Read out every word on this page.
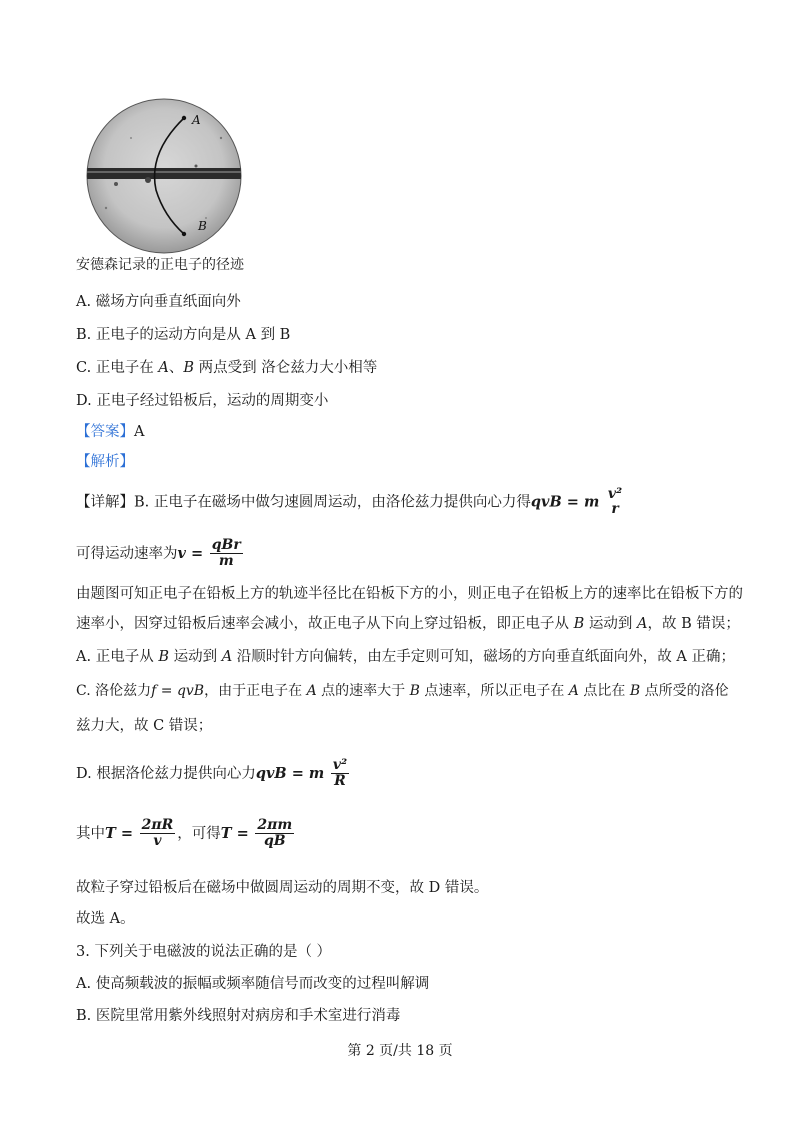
A
B
安德森记录的正电子的径迹
A. 磁场方向垂直纸面向外
B. 正电子的运动方向是从 A 到 B
C. 正电子在 A、B 两点受到 洛仑兹力大小相等
D. 正电子经过铅板后，运动的周期变小
【答案】A
【解析】
【详解】B. 正电子在磁场中做匀速圆周运动，由洛伦兹力提供向心力得qvB = m v²
r
可得运动速率为$v = \frac{\text{qBr}}{m}$
由题图可知正电子在铅板上方的轨迹半径比在铅板下方的小，则正电子在铅板上方的速率比在铅板下方的
速率小，因穿过铅板后速率会减小，故正电子从下向上穿过铅板，即正电子从 B 运动到 A，故 B 错误；
A. 正电子从 B 运动到 A 沿顺时针方向偏转，由左手定则可知，磁场的方向垂直纸面向外，故 A 正确；
C. 洛伦兹力f = qvB，由于正电子在 A 点的速率大于 B 点速率，所以正电子在 A 点比在 B 点所受的洛伦
兹力大，故 C 错误；
D. 根据洛伦兹力提供向心力qvB = m $\frac{\text{v²}}{R}$
其中$T = \frac{2\pi R}{v}$ ，可得$T = \frac{2\pi m}{qB}$
故粒子穿过铅板后在磁场中做圆周运动的周期不变，故 D 错误。
故选 A。
3. 下列关于电磁波的说法正确的是（ ）
A. 使高频载波的振幅或频率随信号而改变的过程叫解调
B. 医院里常用紫外线照射对病房和手术室进行消毒
第 2 页/共 18 页
